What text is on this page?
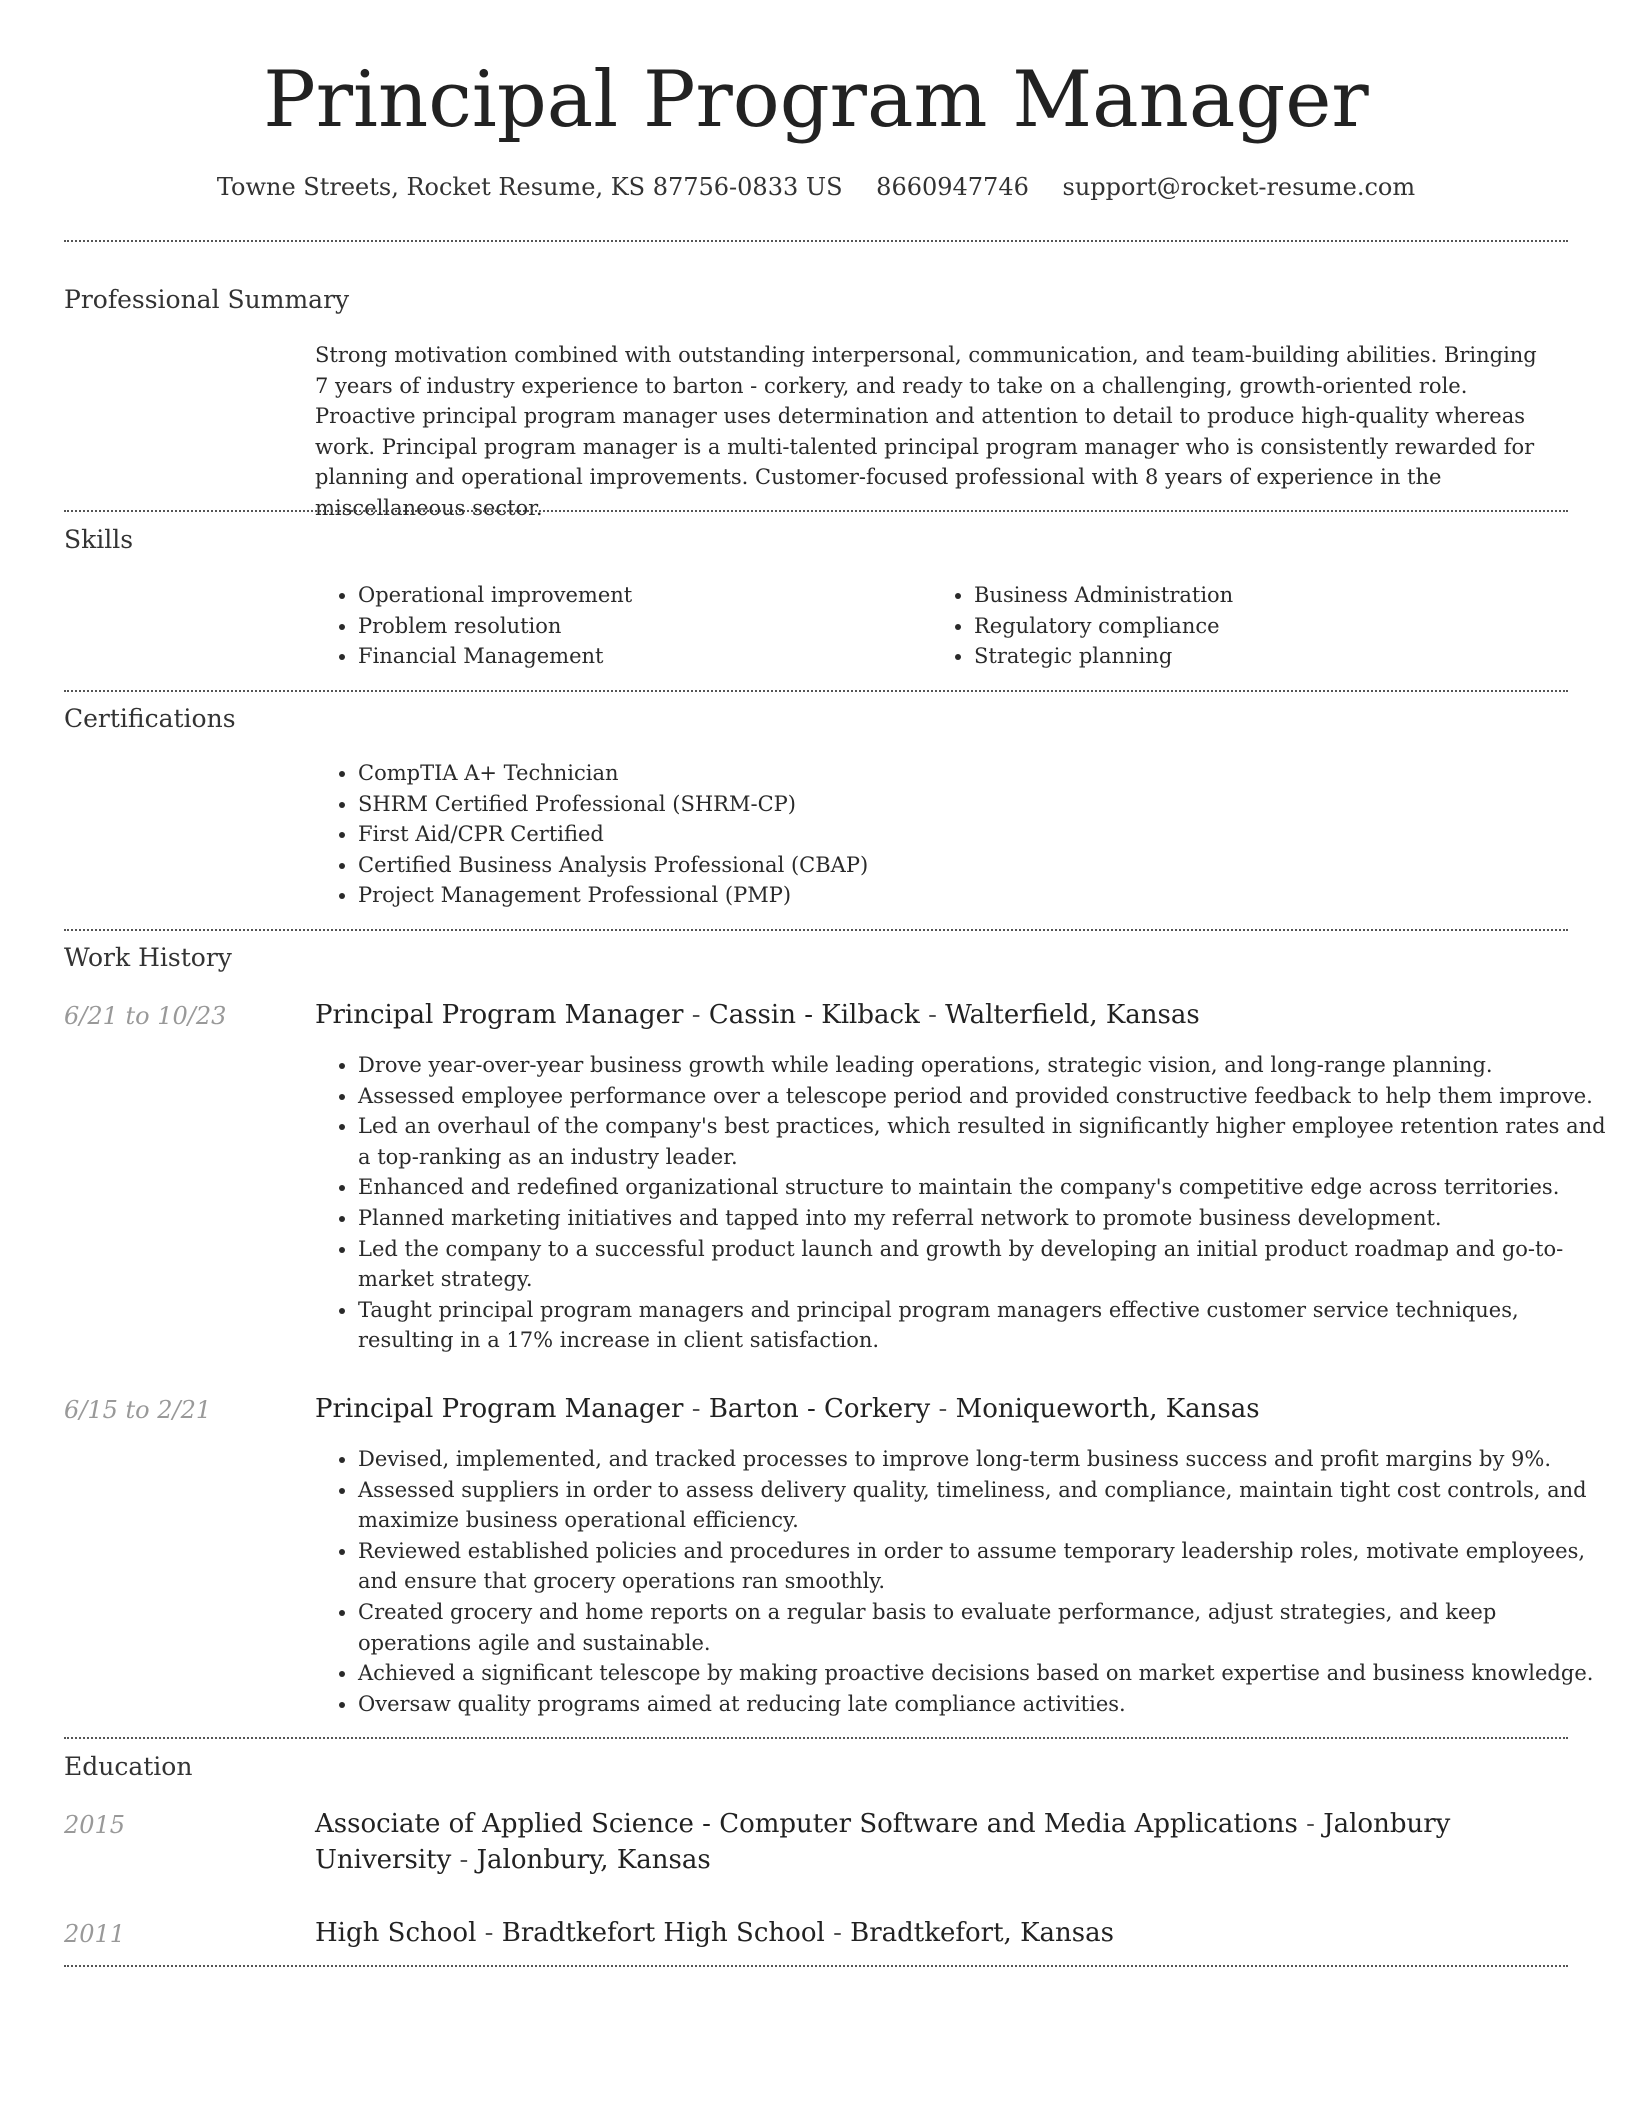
Principal Program Manager
Towne Streets, Rocket Resume, KS 87756-0833 US 8660947746 support@rocket-resume.com
Professional Summary
Strong motivation combined with outstanding interpersonal, communication, and team-building abilities. Bringing 7 years of industry experience to barton - corkery, and ready to take on a challenging, growth-oriented role. Proactive principal program manager uses determination and attention to detail to produce high-quality whereas work. Principal program manager is a multi-talented principal program manager who is consistently rewarded for planning and operational improvements. Customer-focused professional with 8 years of experience in the miscellaneous sector.
Skills
• Operational improvement
• Problem resolution
• Financial Management
• Business Administration
• Regulatory compliance
• Strategic planning
Certifications
• CompTIA A+ Technician
• SHRM Certified Professional (SHRM-CP)
• First Aid/CPR Certified
• Certified Business Analysis Professional (CBAP)
• Project Management Professional (PMP)
Work History
6/21 to 10/23	Principal Program Manager - Cassin - Kilback - Walterfield, Kansas
• Drove year-over-year business growth while leading operations, strategic vision, and long-range planning.
• Assessed employee performance over a telescope period and provided constructive feedback to help them improve.
• Led an overhaul of the company's best practices, which resulted in significantly higher employee retention rates and a top-ranking as an industry leader.
• Enhanced and redefined organizational structure to maintain the company's competitive edge across territories.
• Planned marketing initiatives and tapped into my referral network to promote business development.
• Led the company to a successful product launch and growth by developing an initial product roadmap and go-to-market strategy.
• Taught principal program managers and principal program managers effective customer service techniques, resulting in a 17% increase in client satisfaction.
6/15 to 2/21	Principal Program Manager - Barton - Corkery - Moniqueworth, Kansas
• Devised, implemented, and tracked processes to improve long-term business success and profit margins by 9%.
• Assessed suppliers in order to assess delivery quality, timeliness, and compliance, maintain tight cost controls, and maximize business operational efficiency.
• Reviewed established policies and procedures in order to assume temporary leadership roles, motivate employees, and ensure that grocery operations ran smoothly.
• Created grocery and home reports on a regular basis to evaluate performance, adjust strategies, and keep operations agile and sustainable.
• Achieved a significant telescope by making proactive decisions based on market expertise and business knowledge.
• Oversaw quality programs aimed at reducing late compliance activities.
Education
2015	Associate of Applied Science - Computer Software and Media Applications - Jalonbury University - Jalonbury, Kansas
2011	High School - Bradtkefort High School - Bradtkefort, Kansas
